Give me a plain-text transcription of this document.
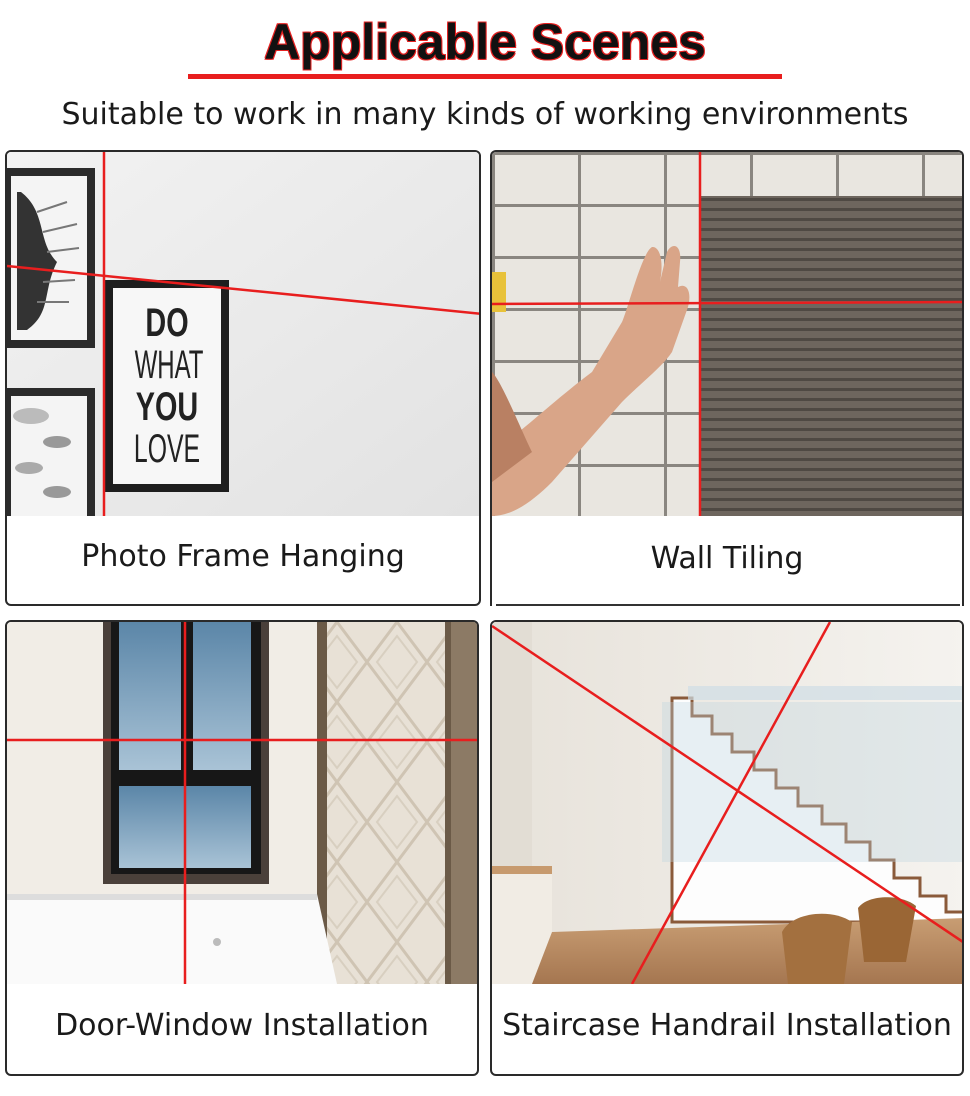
Applicable Scenes
Suitable to work in many kinds of working environments
DO
WHAT
YOU
LOVE
Photo Frame Hanging	Wall Tiling
Door-Window Installation	Staircase Handrail Installation
